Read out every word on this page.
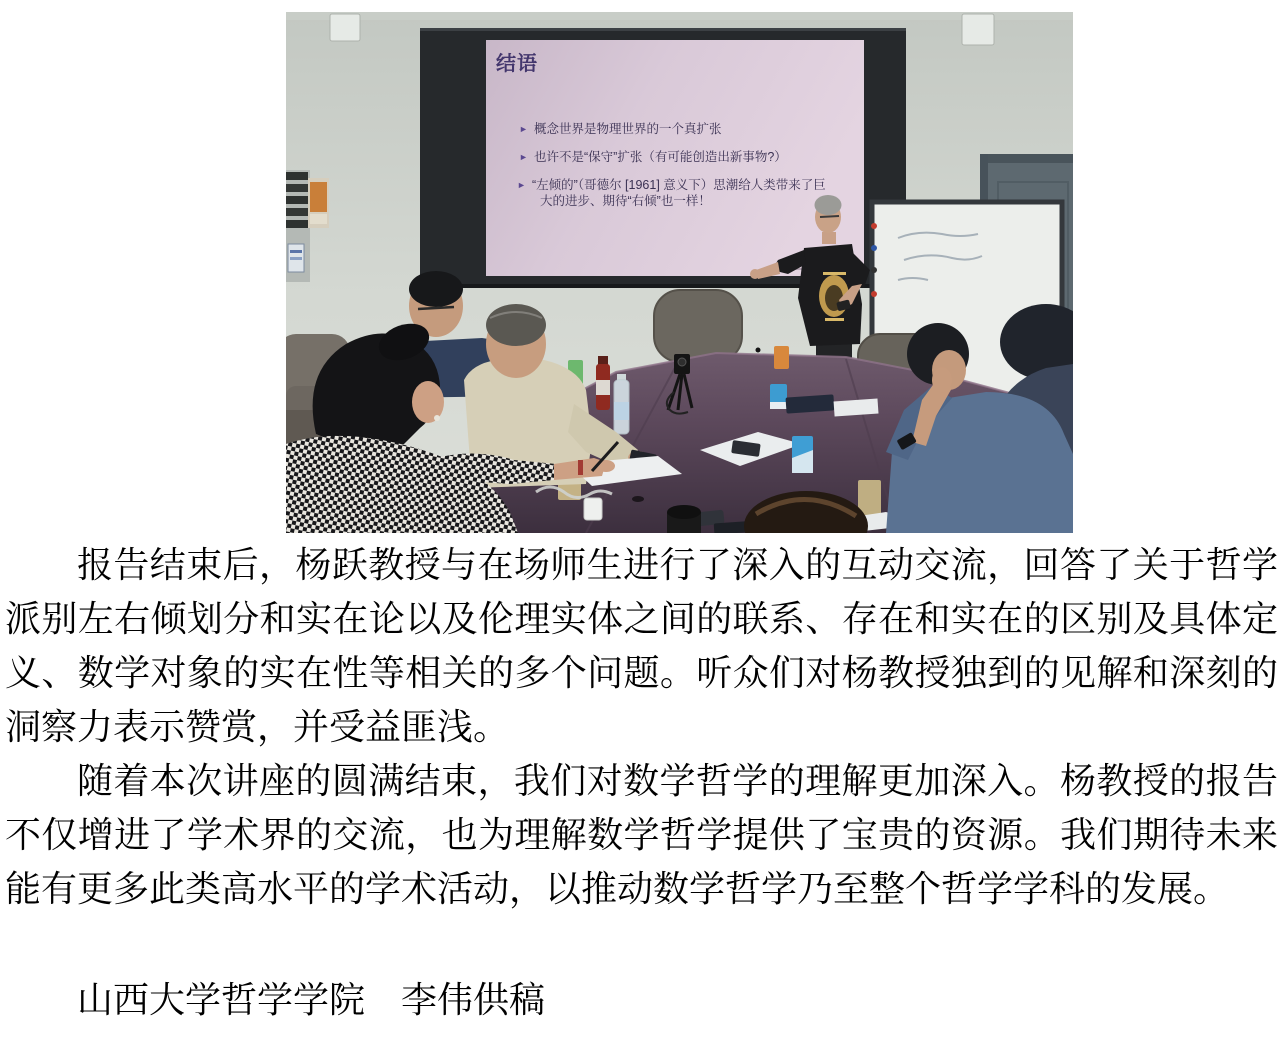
结语
► 概念世界是物理世界的一个真扩张
► 也许不是“保守”扩张（有可能创造出新事物?）
► “左倾的”（哥德尔 [1961] 意义下）思潮给人类带来了巨
大的进步、期待“右倾”也一样！

报告结束后，杨跃教授与在场师生进行了深入的互动交流，回答了关于哲学

派别左右倾划分和实在论以及伦理实体之间的联系、存在和实在的区别及具体定

义、数学对象的实在性等相关的多个问题。听众们对杨教授独到的见解和深刻的

洞察力表示赞赏，并受益匪浅。

随着本次讲座的圆满结束，我们对数学哲学的理解更加深入。杨教授的报告

不仅增进了学术界的交流，也为理解数学哲学提供了宝贵的资源。我们期待未来

能有更多此类高水平的学术活动，以推动数学哲学乃至整个哲学学科的发展。

山西大学哲学学院　李伟供稿
